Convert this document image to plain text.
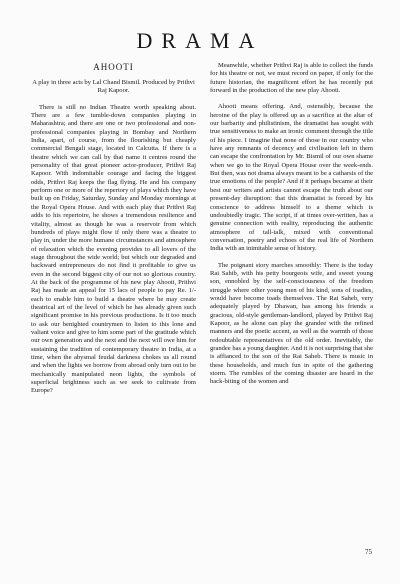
DRAMA
AHOOTI
A play in three acts by Lal Chand Bismil. Produced by Prithvi Raj Kapoor.

There is still no Indian Theatre worth speaking about. There are a few tumble-down companies playing in Maharashtra; and there are one or two professional and non-professional companies playing in Bombay and Northern India, apart, of course, from the flourishing but cheaply commercial Bengali stage, located in Calcutta. If there is a theatre which we can call by that name it centres round the personality of that great pioneer actor-producer, Prithvi Raj Kapoor. With indomitable courage and facing the biggest odds, Prithvi Raj keeps the flag flying. He and his company perform one or more of the repertory of plays which they have built up on Friday, Saturday, Sunday and Monday mornings at the Royal Opera House. And with each play that Prithvi Raj adds to his repertoire, he shows a tremendous resilience and vitality, almost as though he was a reservoir from which hundreds of plays might flow if only there was a theatre to play in, under the more humane circumstances and atmosphere of relaxation which the evening provides to all lovers of the stage throughout the wide world; but which our degraded and backward entrepreneurs do not find it profitable to give us even in the second biggest city of our not so glorious country. At the back of the programme of his new play Ahooti, Prithvi Raj has made an appeal for 15 lacs of people to pay Re. 1/- each to enable him to build a theatre where he may create theatrical art of the level of which he has already given such significant promise in his previous productions. Is it too much to ask our benighted countrymen to listen to this lone and valiant voice and give to him some part of the gratitude which our own generation and the next and the next will owe him for sustaining the tradition of contemporary theatre in India, at a time, when the abysmal feudal darkness chokes us all round and when the lights we borrow from abroad only turn out to be mechanically manipulated neon lights, the symbols of superficial brightness such as we seek to cultivate from Europe?

Meanwhile, whether Prithvi Raj is able to collect the funds for his theatre or not, we must record on paper, if only for the future historian, the magnificent effort he has recently put forward in the production of the new play Ahooti.

Ahooti means offering. And, ostensibly, because the heroine of the play is offered up as a sacrifice at the altar of our barbarity and philistinism, the dramatist has sought with true sensitiveness to make an ironic comment through the title of his piece. I imagine that none of those in our country who have any remnants of decency and civilisation left in them can escape the confrontation by Mr. Bismil of our own shame when we go to the Royal Opera House over the week-ends. But then, was not drama always meant to be a catharsis of the true emotions of the people? And if it perhaps became at their best our writers and artists cannot escape the truth about our present-day disruption: that this dramatist is forced by his conscience to address himself to a theme which is undoubtedly tragic. The script, if at times over-written, has a genuine connection with reality, reproducing the authentic atmosphere of tall-talk, mixed with conventional conversation, poetry and echoes of the real life of Northern India with an inimitable sense of history.

The poignant story marches smoothly: There is the today Rai Sahib, with his petty bourgeois wife, and sweet young son, ennobled by the self-consciousness of the freedom struggle where other young men of his kind, sons of toadies, would have become toads themselves. The Rai Saheb, very adequately played by Dhawan, has among his friends a gracious, old-style gentleman-landlord, played by Prithvi Raj Kapoor, as he alone can play the grandee with the refined manners and the poetic accent, as well as the warmth of those redoubtable representatives of the old order. Inevitably, the grandee has a young daughter. And it is not surprising that she is affianced to the son of the Rai Saheb. There is music in these households, and much fun in spite of the gathering storm. The rumbles of the coming disaster are heard in the back-biting of the women and

75
